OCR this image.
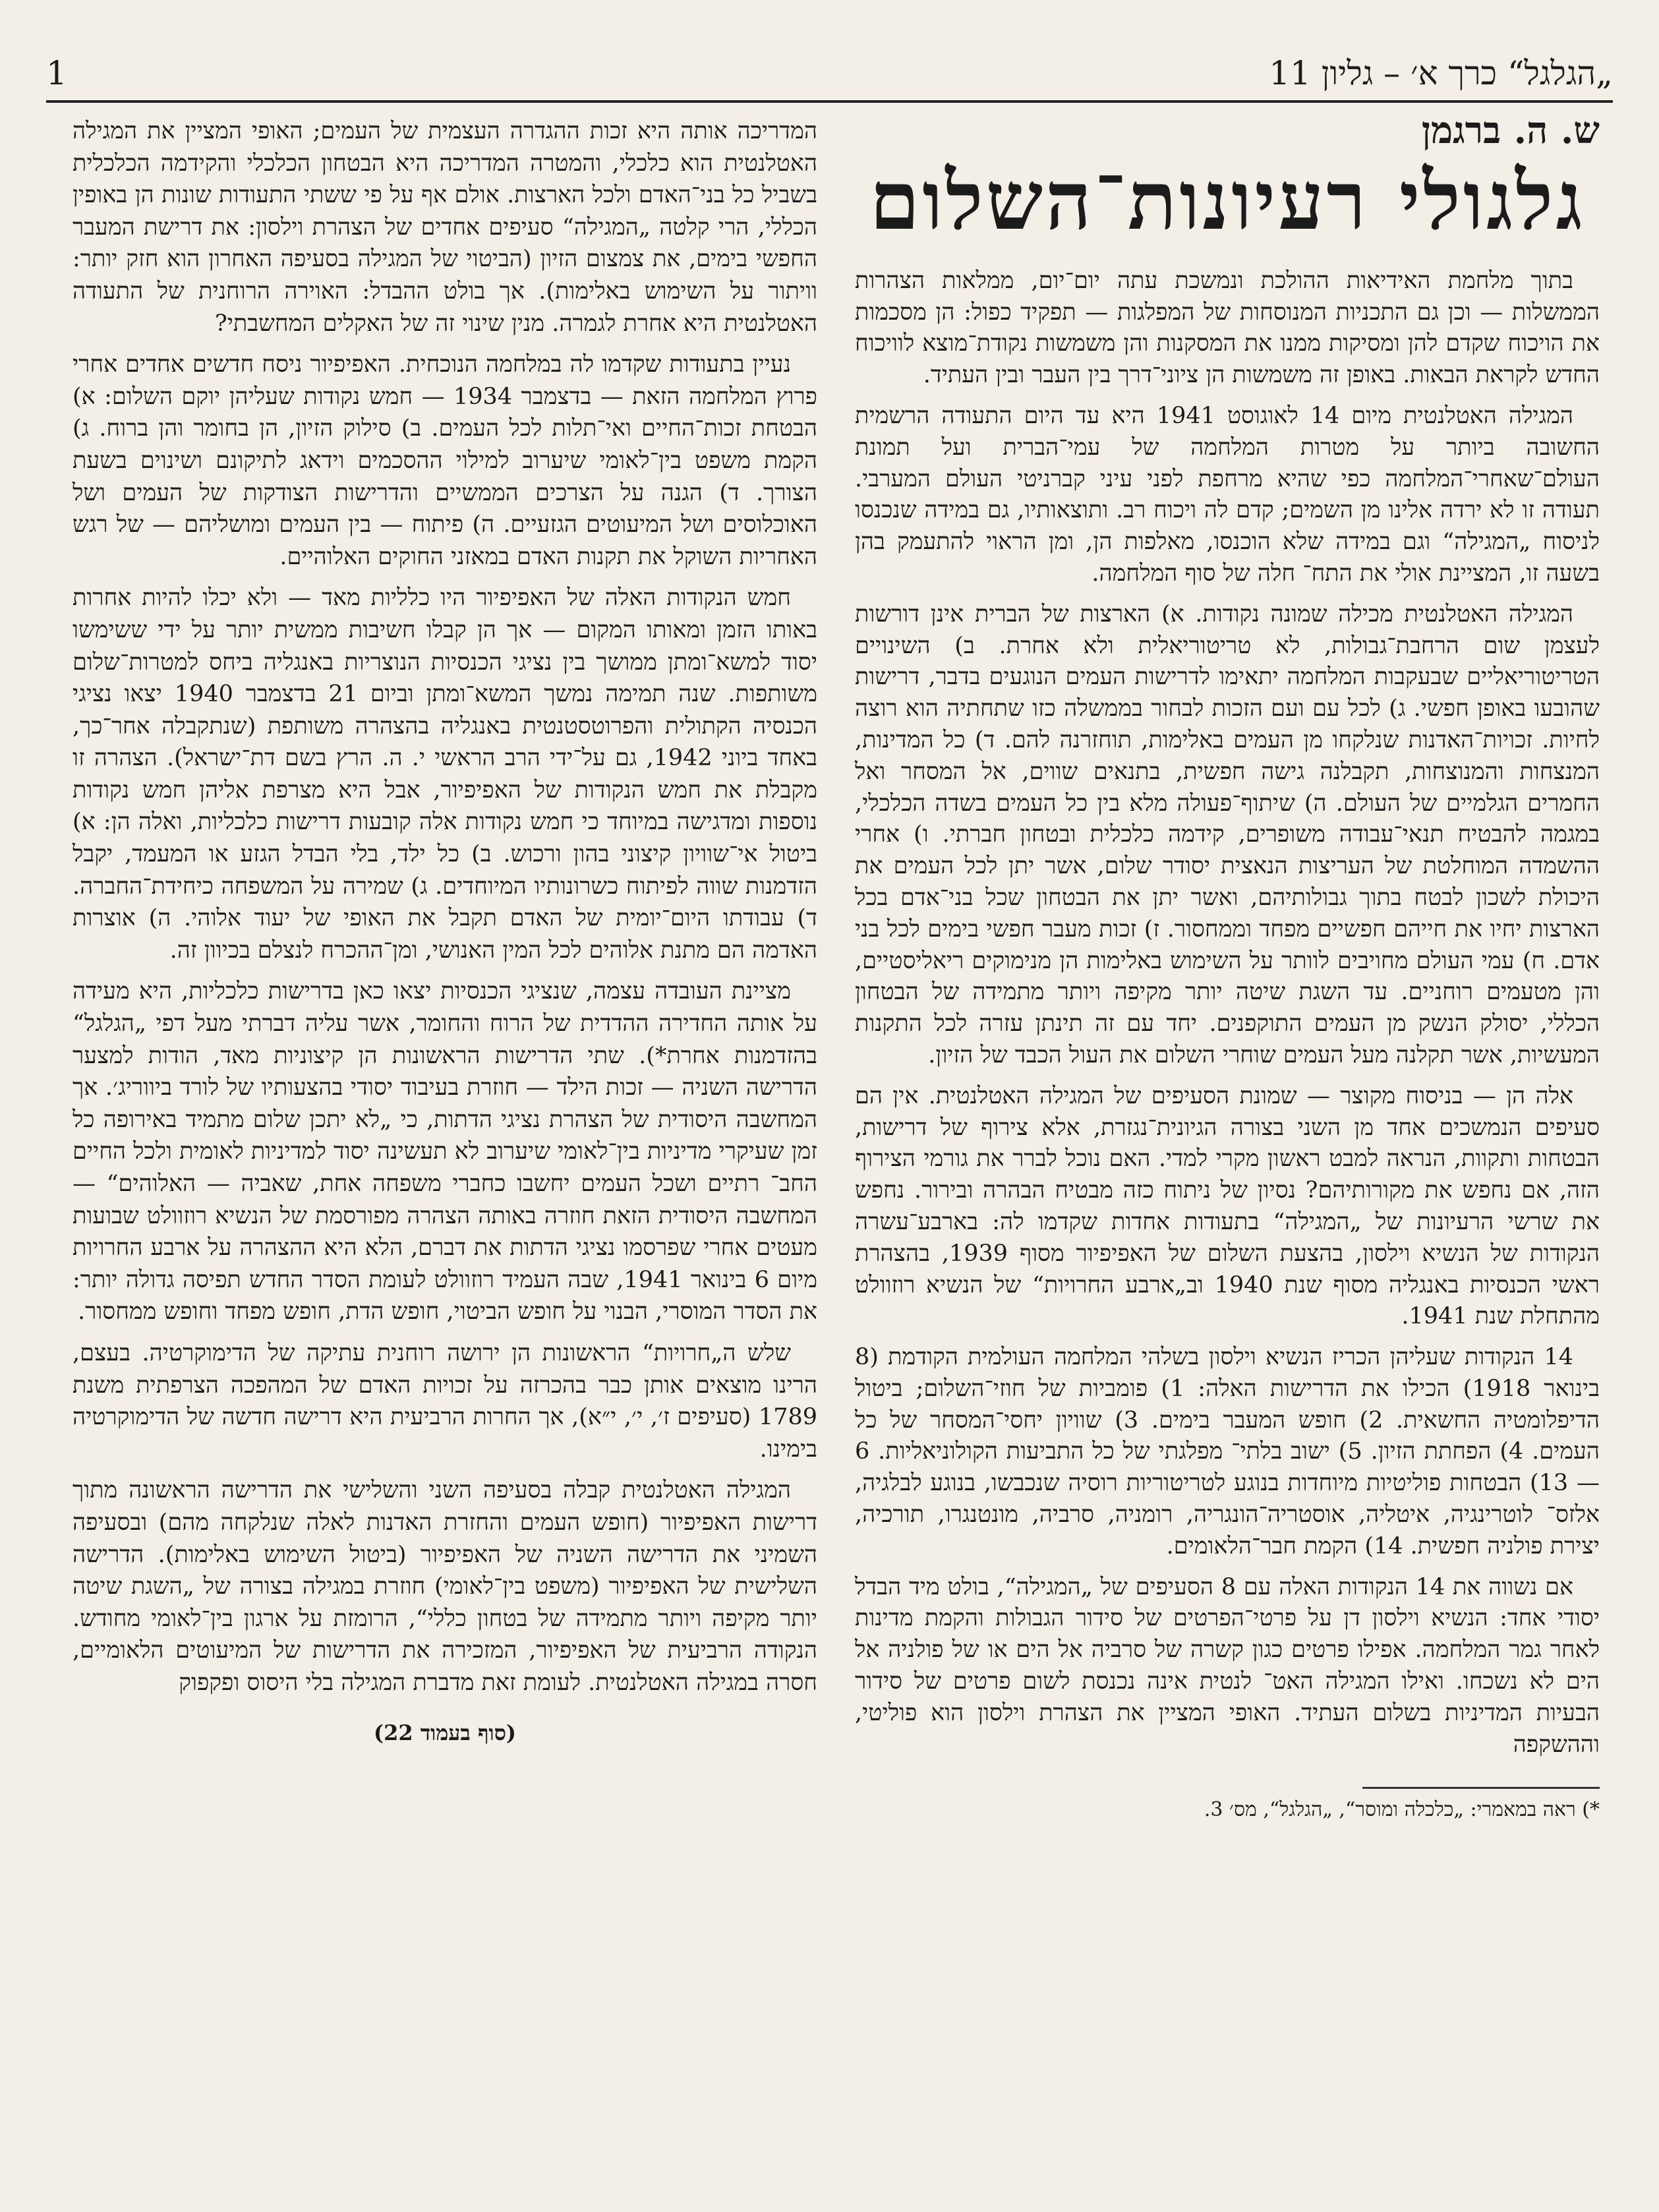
„הגלגל“ כרך א׳ – גליון 11
1
ש. ה. ברגמן
גלגולי רעיונות־השלום

בתוך מלחמת האידיאות ההולכת ונמשכת עתה יום־יום, ממלאות הצהרות הממשלות — וכן גם התכניות המנוסחות של המפלגות — תפקיד כפול: הן מסכמות את הויכוח שקדם להן ומסיקות ממנו את המסקנות והן משמשות נקודת־מוצא לוויכוח החדש לקראת הבאות. באופן זה משמשות הן ציוני־דרך בין העבר ובין העתיד.

המגילה האטלנטית מיום 14 לאוגוסט 1941 היא עד היום התעודה הרשמית החשובה ביותר על מטרות המלחמה של עמי־הברית ועל תמונת העולם־שאחרי־המלחמה כפי שהיא מרחפת לפני עיני קברניטי העולם המערבי. תעודה זו לא ירדה אלינו מן השמים; קדם לה ויכוח רב. ותוצאותיו, גם במידה שנכנסו לניסוח „המגילה“ וגם במידה שלא הוכנסו, מאלפות הן, ומן הראוי להתעמק בהן בשעה זו, המציינת אולי את התח־ חלה של סוף המלחמה.

המגילה האטלנטית מכילה שמונה נקודות. א) הארצות של הברית אינן דורשות לעצמן שום הרחבת־גבולות, לא טריטוריאלית ולא אחרת. ב) השינויים הטריטוריאליים שבעקבות המלחמה יתאימו לדרישות העמים הנוגעים בדבר, דרישות שהובעו באופן חפשי. ג) לכל עם ועם הזכות לבחור בממשלה כזו שתחתיה הוא רוצה לחיות. זכויות־האדנות שנלקחו מן העמים באלימות, תוחזרנה להם. ד) כל המדינות, המנצחות והמנוצחות, תקבלנה גישה חפשית, בתנאים שווים, אל המסחר ואל החמרים הגלמיים של העולם. ה) שיתוף־פעולה מלא בין כל העמים בשדה הכלכלי, במגמה להבטיח תנאי־עבודה משופרים, קידמה כלכלית ובטחון חברתי. ו) אחרי ההשמדה המוחלטת של העריצות הנאצית יסודר שלום, אשר יתן לכל העמים את היכולת לשכון לבטח בתוך גבולותיהם, ואשר יתן את הבטחון שכל בני־אדם בכל הארצות יחיו את חייהם חפשיים מפחד וממחסור. ז) זכות מעבר חפשי בימים לכל בני אדם. ח) עמי העולם מחויבים לוותר על השימוש באלימות הן מנימוקים ריאליסטיים, והן מטעמים רוחניים. עד השגת שיטה יותר מקיפה ויותר מתמידה של הבטחון הכללי, יסולק הנשק מן העמים התוקפנים. יחד עם זה תינתן עזרה לכל התקנות המעשיות, אשר תקלנה מעל העמים שוחרי השלום את העול הכבד של הזיון.

אלה הן — בניסוח מקוצר — שמונת הסעיפים של המגילה האטלנטית. אין הם סעיפים הנמשכים אחד מן השני בצורה הגיונית־נגזרת, אלא צירוף של דרישות, הבטחות ותקוות, הנראה למבט ראשון מקרי למדי. האם נוכל לברר את גורמי הצירוף הזה, אם נחפש את מקורותיהם? נסיון של ניתוח כזה מבטיח הבהרה ובירור. נחפש את שרשי הרעיונות של „המגילה“ בתעודות אחדות שקדמו לה: בארבע־עשרה הנקודות של הנשיא וילסון, בהצעת השלום של האפיפיור מסוף 1939, בהצהרת ראשי הכנסיות באנגליה מסוף שנת 1940 וב„ארבע החרויות“ של הנשיא רוזוולט מהתחלת שנת 1941.

14 הנקודות שעליהן הכריז הנשיא וילסון בשלהי המלחמה העולמית הקודמת (8 בינואר 1918) הכילו את הדרישות האלה: 1) פומביות של חוזי־השלום; ביטול הדיפלומטיה החשאית. 2) חופש המעבר בימים. 3) שוויון יחסי־המסחר של כל העמים. 4) הפחתת הזיון. 5) ישוב בלתי־ מפלגתי של כל התביעות הקולוניאליות. 6 — 13) הבטחות פוליטיות מיוחדות בנוגע לטריטוריות רוסיה שנכבשו, בנוגע לבלגיה, אלזס־ לוטרינגיה, איטליה, אוסטריה־הונגריה, רומניה, סרביה, מונטנגרו, תורכיה, יצירת פולניה חפשית. 14) הקמת חבר־הלאומים.

אם נשווה את 14 הנקודות האלה עם 8 הסעיפים של „המגילה“, בולט מיד הבדל יסודי אחד: הנשיא וילסון דן על פרטי־הפרטים של סידור הגבולות והקמת מדינות לאחר גמר המלחמה. אפילו פרטים כגון קשרה של סרביה אל הים או של פולניה אל הים לא נשכחו. ואילו המגילה האט־ לנטית אינה נכנסת לשום פרטים של סידור הבעיות המדיניות בשלום העתיד. האופי המציין את הצהרת וילסון הוא פוליטי, וההשקפה

*) ראה במאמרי: „כלכלה ומוסר“, „הגלגל“, מס׳ 3.

המדריכה אותה היא זכות ההגדרה העצמית של העמים; האופי המציין את המגילה האטלנטית הוא כלכלי, והמטרה המדריכה היא הבטחון הכלכלי והקידמה הכלכלית בשביל כל בני־האדם ולכל הארצות. אולם אף על פי ששתי התעודות שונות הן באופין הכללי, הרי קלטה „המגילה“ סעיפים אחדים של הצהרת וילסון: את דרישת המעבר החפשי בימים, את צמצום הזיון (הביטוי של המגילה בסעיפה האחרון הוא חזק יותר: וויתור על השימוש באלימות). אך בולט ההבדל: האוירה הרוחנית של התעודה האטלנטית היא אחרת לגמרה. מנין שינוי זה של האקלים המחשבתי?

נעיין בתעודות שקדמו לה במלחמה הנוכחית. האפיפיור ניסח חדשים אחדים אחרי פרוץ המלחמה הזאת — בדצמבר 1934 — חמש נקודות שעליהן יוקם השלום: א) הבטחת זכות־החיים ואי־תלות לכל העמים. ב) סילוק הזיון, הן בחומר והן ברוח. ג) הקמת משפט בין־לאומי שיערוב למילוי ההסכמים וידאג לתיקונם ושינוים בשעת הצורך. ד) הגנה על הצרכים הממשיים והדרישות הצודקות של העמים ושל האוכלוסים ושל המיעוטים הגזעיים. ה) פיתוח — בין העמים ומושליהם — של רגש האחריות השוקל את תקנות האדם במאזני החוקים האלוהיים.

חמש הנקודות האלה של האפיפיור היו כלליות מאד — ולא יכלו להיות אחרות באותו הזמן ומאותו המקום — אך הן קבלו חשיבות ממשית יותר על ידי ששימשו יסוד למשא־ומתן ממושך בין נציגי הכנסיות הנוצריות באנגליה ביחס למטרות־שלום משותפות. שנה תמימה נמשך המשא־ומתן וביום 21 בדצמבר 1940 יצאו נציגי הכנסיה הקתולית והפרוטסטנטית באנגליה בהצהרה משותפת (שנתקבלה אחר־כך, באחד ביוני 1942, גם על־ידי הרב הראשי י. ה. הרץ בשם דת־ישראל). הצהרה זו מקבלת את חמש הנקודות של האפיפיור, אבל היא מצרפת אליהן חמש נקודות נוספות ומדגישה במיוחד כי חמש נקודות אלה קובעות דרישות כלכליות, ואלה הן: א) ביטול אי־שוויון קיצוני בהון ורכוש. ב) כל ילד, בלי הבדל הגזע או המעמד, יקבל הזדמנות שווה לפיתוח כשרונותיו המיוחדים. ג) שמירה על המשפחה כיחידת־החברה. ד) עבודתו היום־יומית של האדם תקבל את האופי של יעוד אלוהי. ה) אוצרות האדמה הם מתנת אלוהים לכל המין האנושי, ומן־ההכרח לנצלם בכיוון זה.

מציינת העובדה עצמה, שנציגי הכנסיות יצאו כאן בדרישות כלכליות, היא מעידה על אותה החדירה ההדדית של הרוח והחומר, אשר עליה דברתי מעל דפי „הגלגל“ בהזדמנות אחרת*). שתי הדרישות הראשונות הן קיצוניות מאד, הודות למצער הדרישה השניה — זכות הילד — חוזרת בעיבוד יסודי בהצעותיו של לורד ביווריג׳. אך המחשבה היסודית של הצהרת נציגי הדתות, כי „לא יתכן שלום מתמיד באירופה כל זמן שעיקרי מדיניות בין־לאומי שיערוב לא תעשינה יסוד למדיניות לאומית ולכל החיים החב־ רתיים ושכל העמים יחשבו כחברי משפחה אחת, שאביה — האלוהים“ — המחשבה היסודית הזאת חוזרה באותה הצהרה מפורסמת של הנשיא רוזוולט שבועות מעטים אחרי שפרסמו נציגי הדתות את דברם, הלא היא ההצהרה על ארבע החרויות מיום 6 בינואר 1941, שבה העמיד רוזוולט לעומת הסדר החדש תפיסה גדולה יותר: את הסדר המוסרי, הבנוי על חופש הביטוי, חופש הדת, חופש מפחד וחופש ממחסור.

שלש ה„חרויות“ הראשונות הן ירושה רוחנית עתיקה של הדימוקרטיה. בעצם, הרינו מוצאים אותן כבר בהכרזה על זכויות האדם של המהפכה הצרפתית משנת 1789 (סעיפים ז׳, י׳, י״א), אך החרות הרביעית היא דרישה חדשה של הדימוקרטיה בימינו.

המגילה האטלנטית קבלה בסעיפה השני והשלישי את הדרישה הראשונה מתוך דרישות האפיפיור (חופש העמים והחזרת האדנות לאלה שנלקחה מהם) ובסעיפה השמיני את הדרישה השניה של האפיפיור (ביטול השימוש באלימות). הדרישה השלישית של האפיפיור (משפט בין־לאומי) חוזרת במגילה בצורה של „השגת שיטה יותר מקיפה ויותר מתמידה של בטחון כללי“, הרומזת על ארגון בין־לאומי מחודש. הנקודה הרביעית של האפיפיור, המזכירה את הדרישות של המיעוטים הלאומיים, חסרה במגילה האטלנטית. לעומת זאת מדברת המגילה בלי היסוס ופקפוק

(סוף בעמוד 22)
